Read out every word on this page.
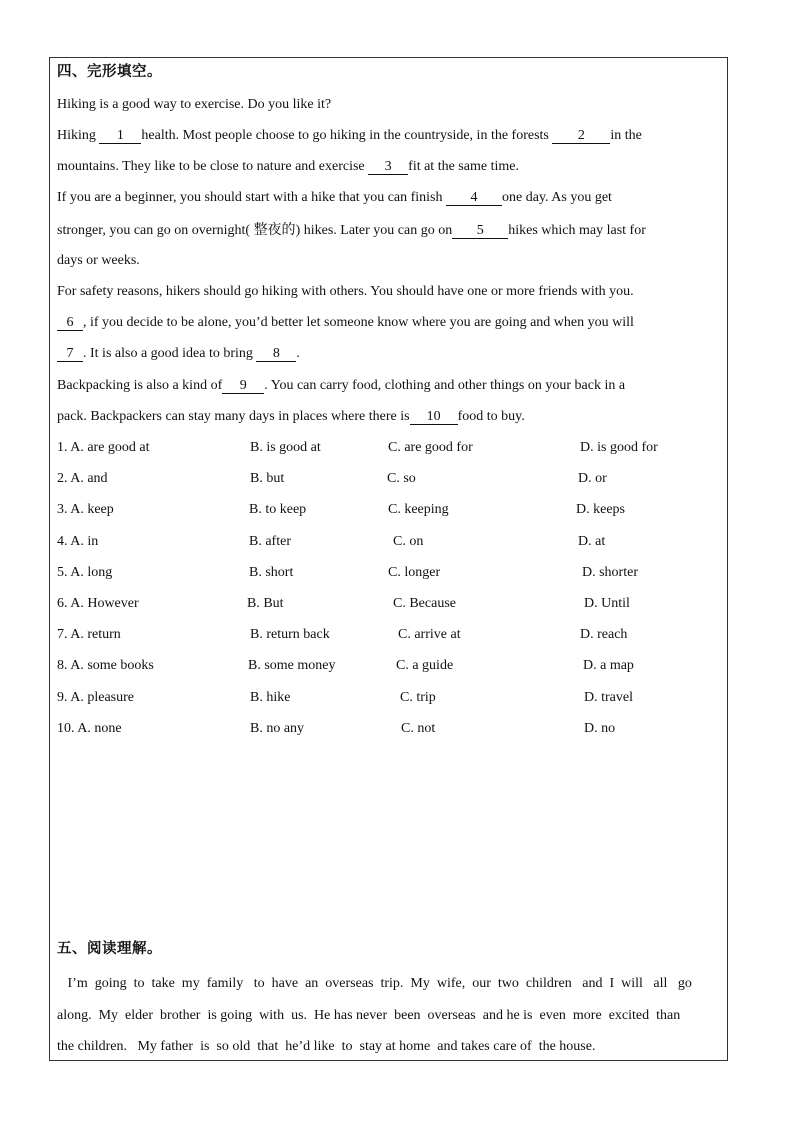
四、完形填空。
Hiking is a good way to exercise. Do you like it?
Hiking 1 health. Most people choose to go hiking in the countryside, in the forests 2 in the
mountains. They like to be close to nature and exercise 3 fit at the same time.
If you are a beginner, you should start with a hike that you can finish 4 one day. As you get
stronger, you can go on overnight( 整夜的) hikes. Later you can go on 5 hikes which may last for
days or weeks.
For safety reasons, hikers should go hiking with others. You should have one or more friends with you.
6 , if you decide to be alone, you’d better let someone know where you are going and when you will
7 . It is also a good idea to bring 8 .
Backpacking is also a kind of 9 . You can carry food, clothing and other things on your back in a
pack. Backpackers can stay many days in places where there is 10 food to buy.
1. A. are good at	B. is good at	C. are good for	D. is good for
2. A. and	B. but	C. so	D. or
3. A. keep	B. to keep	C. keeping	D. keeps
4. A. in	B. after	C. on	D. at
5. A. long	B. short	C. longer	D. shorter
6. A. However	B. But	C. Because	D. Until
7. A. return	B. return back	C. arrive at	D. reach
8. A. some books	B. some money	C. a guide	D. a map
9. A. pleasure	B. hike	C. trip	D. travel
10. A. none	B. no any	C. not	D. no
五、阅读理解。
I’m  going  to  take  my  family   to  have  an  overseas  trip.  My  wife,  our  two  children   and  I  will   all   go
along.  My  elder  brother  is going  with  us.  He has never  been  overseas  and he is  even  more  excited  than
the children.   My father  is  so old  that  he’d like  to  stay at home  and takes care of  the house.
